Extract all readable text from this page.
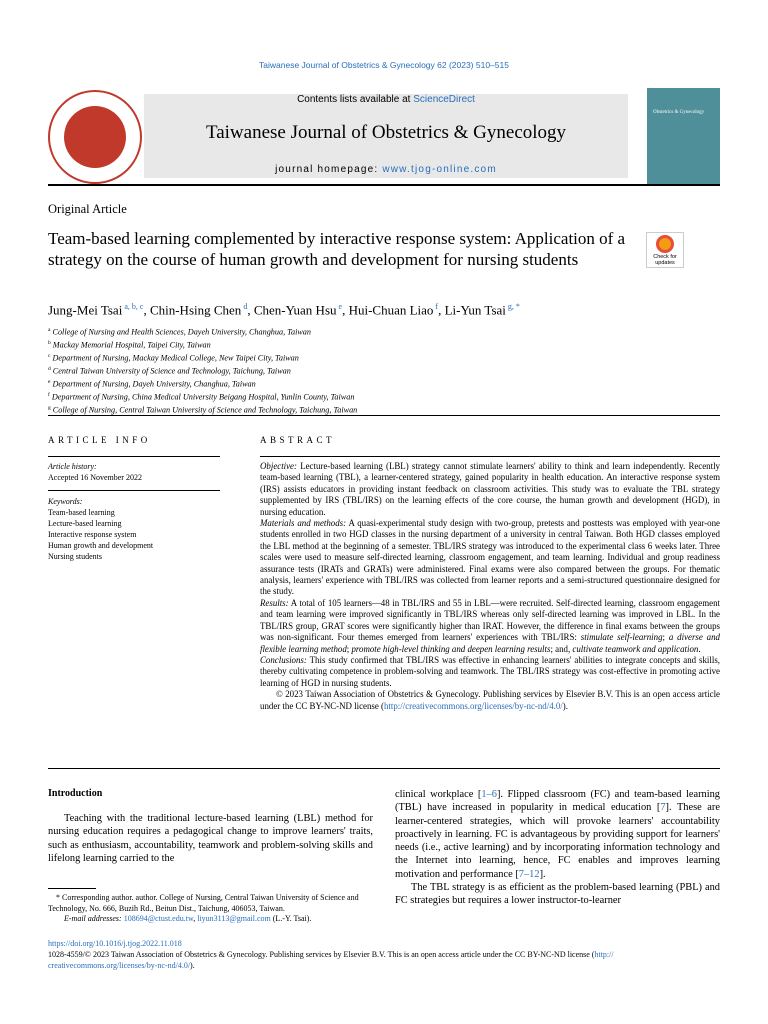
Taiwanese Journal of Obstetrics & Gynecology 62 (2023) 510–515
Contents lists available at ScienceDirect
Taiwanese Journal of Obstetrics & Gynecology
journal homepage: www.tjog-online.com
Obstetrics & Gynecology
Original Article
Team-based learning complemented by interactive response system: Application of a strategy on the course of human growth and development for nursing students	Check for updates
Jung-Mei Tsai $^{a, b, c}$, Chin-Hsing Chen $^d$, Chen-Yuan Hsu $^e$, Hui-Chuan Liao $^f$, Li-Yun Tsai $^{g, *}$
$^a$ College of Nursing and Health Sciences, Dayeh University, Changhua, Taiwan
$^b$ Mackay Memorial Hospital, Taipei City, Taiwan
$^c$ Department of Nursing, Mackay Medical College, New Taipei City, Taiwan
$^d$ Central Taiwan University of Science and Technology, Taichung, Taiwan
$^e$ Department of Nursing, Dayeh University, Changhua, Taiwan
$^f$ Department of Nursing, China Medical University Beigang Hospital, Yunlin County, Taiwan
$^g$ College of Nursing, Central Taiwan University of Science and Technology, Taichung, Taiwan
ARTICLE INFO	ABSTRACT
Article history:
Accepted 16 November 2022
Keywords:
Team-based learning
Lecture-based learning
Interactive response system
Human growth and development
Nursing students
Objective: Lecture-based learning (LBL) strategy cannot stimulate learners' ability to think and learn independently. Recently team-based learning (TBL), a learner-centered strategy, gained popularity in health education. An interactive response system (IRS) assists educators in providing instant feedback on classroom activities. This study was to evaluate the TBL strategy supplemented by IRS (TBL/IRS) on the learning effects of the core course, the human growth and development (HGD), in nursing education.
Materials and methods: A quasi-experimental study design with two-group, pretests and posttests was employed with year-one students enrolled in two HGD classes in the nursing department of a university in central Taiwan. Both HGD classes employed the LBL method at the beginning of a semester. TBL/IRS strategy was introduced to the experimental class 6 weeks later. Three scales were used to measure self-directed learning, classroom engagement, and team learning. Individual and group readiness assurance tests (IRATs and GRATs) were administered. Final exams were also compared between the groups. For thematic analysis, learners' experience with TBL/IRS was collected from learner reports and a semi-structured questionnaire designed for the study.
Results: A total of 105 learners—48 in TBL/IRS and 55 in LBL—were recruited. Self-directed learning, classroom engagement and team learning were improved significantly in TBL/IRS whereas only self-directed learning was improved in LBL. In the TBL/IRS group, GRAT scores were significantly higher than IRAT. However, the difference in final exams between the groups was non-significant. Four themes emerged from learners' experiences with TBL/IRS: stimulate self-learning; a diverse and flexible learning method; promote high-level thinking and deepen learning results; and, cultivate teamwork and application.
Conclusions: This study confirmed that TBL/IRS was effective in enhancing learners' abilities to integrate concepts and skills, thereby cultivating competence in problem-solving and teamwork. The TBL/IRS strategy was cost-effective in promoting active learning of HGD in nursing students.
© 2023 Taiwan Association of Obstetrics & Gynecology. Publishing services by Elsevier B.V. This is an open access article under the CC BY-NC-ND license (http://creativecommons.org/licenses/by-nc-nd/4.0/).
Introduction
Teaching with the traditional lecture-based learning (LBL) method for nursing education requires a pedagogical change to improve learners' traits, such as enthusiasm, accountability, teamwork and problem-solving skills and lifelong learning carried to the
clinical workplace [1–6]. Flipped classroom (FC) and team-based learning (TBL) have increased in popularity in medical education [7]. These are learner-centered strategies, which will provoke learners' accountability proactively in learning. FC is advantageous by providing support for learners' needs (i.e., active learning) and by incorporating information technology and the Internet into learning, hence, FC enables and improves learning motivation and performance [7–12].
The TBL strategy is as efficient as the problem-based learning (PBL) and FC strategies but requires a lower instructor-to-learner
* Corresponding author. author. College of Nursing, Central Taiwan University of Science and Technology, No. 666, Buzih Rd., Beitun Dist., Taichung, 406053, Taiwan.
E-mail addresses: 108694@ctust.edu.tw, liyun3113@gmail.com (L.-Y. Tsai).
https://doi.org/10.1016/j.tjog.2022.11.018
1028-4559/© 2023 Taiwan Association of Obstetrics & Gynecology. Publishing services by Elsevier B.V. This is an open access article under the CC BY-NC-ND license (http://
creativecommons.org/licenses/by-nc-nd/4.0/).
